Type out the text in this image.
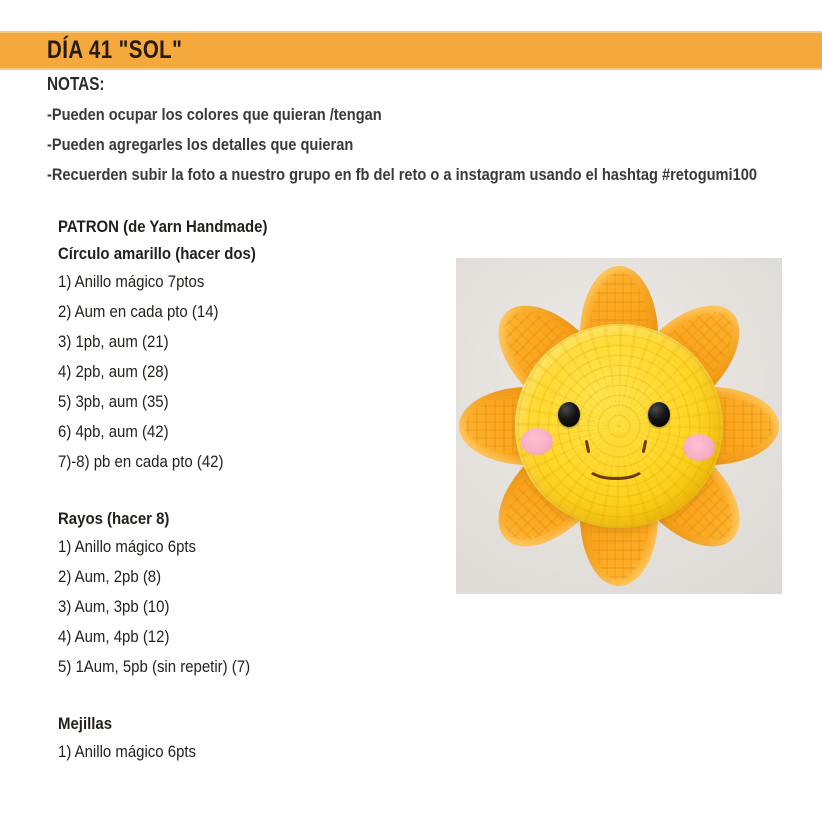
DÍA 41 "SOL"
NOTAS:
-Pueden ocupar los colores que quieran /tengan
-Pueden agregarles los detalles que quieran
-Recuerden subir la foto a nuestro grupo en fb del reto o a instagram usando el hashtag #retogumi100
PATRON (de Yarn Handmade)
Círculo amarillo (hacer dos)
1) Anillo mágico 7ptos
2) Aum en cada pto (14)
3) 1pb, aum (21)
4) 2pb, aum (28)
5) 3pb, aum (35)
6) 4pb, aum (42)
7)-8) pb en cada pto (42)
Rayos (hacer 8)
1) Anillo mágico 6pts
2) Aum, 2pb (8)
3) Aum, 3pb (10)
4) Aum, 4pb (12)
5) 1Aum, 5pb (sin repetir) (7)
Mejillas
1) Anillo mágico 6pts
